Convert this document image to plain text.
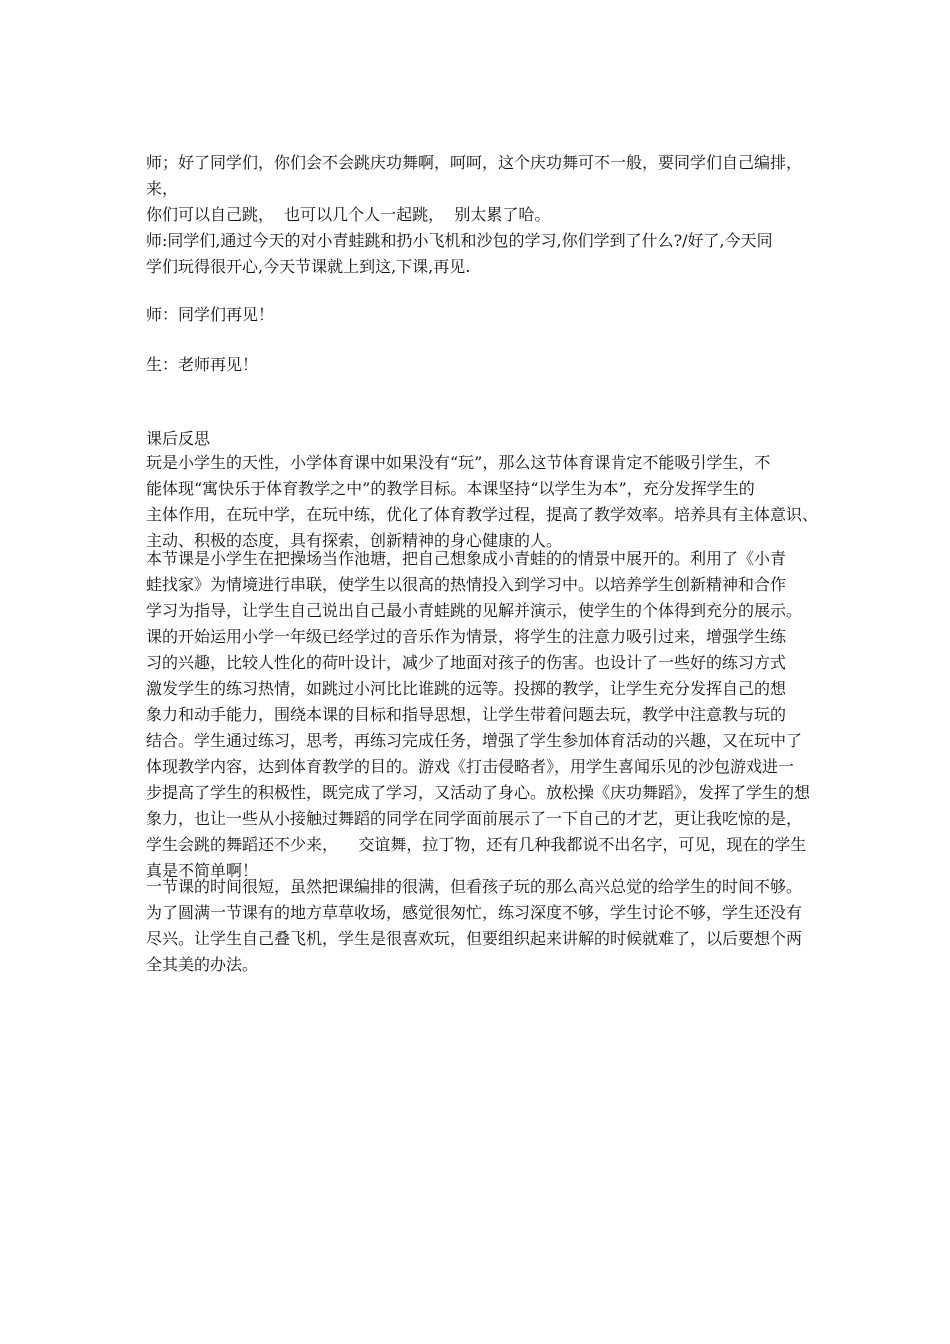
师；好了同学们，你们会不会跳庆功舞啊，呵呵，这个庆功舞可不一般，要同学们自己编排，来，
你们可以自己跳，  也可以几个人一起跳，  别太累了哈。

师:同学们,通过今天的对小青蛙跳和扔小飞机和沙包的学习,你们学到了什么?/好了,今天同
学们玩得很开心,今天节课就上到这,下课,再见.

师：同学们再见！

生：老师再见！

课后反思

玩是小学生的天性，小学体育课中如果没有“玩”，那么这节体育课肯定不能吸引学生，不
能体现“寓快乐于体育教学之中”的教学目标。本课坚持“以学生为本”，充分发挥学生的
主体作用，在玩中学，在玩中练，优化了体育教学过程，提高了教学效率。培养具有主体意识、
主动、积极的态度，具有探索，创新精神的身心健康的人。

本节课是小学生在把操场当作池塘，把自己想象成小青蛙的的情景中展开的。利用了《小青
蛙找家》为情境进行串联，使学生以很高的热情投入到学习中。以培养学生创新精神和合作
学习为指导，让学生自己说出自己最小青蛙跳的见解并演示，使学生的个体得到充分的展示。
课的开始运用小学一年级已经学过的音乐作为情景，将学生的注意力吸引过来，增强学生练
习的兴趣，比较人性化的荷叶设计，减少了地面对孩子的伤害。也设计了一些好的练习方式
激发学生的练习热情，如跳过小河比比谁跳的远等。投掷的教学，让学生充分发挥自己的想
象力和动手能力，围绕本课的目标和指导思想，让学生带着问题去玩，教学中注意教与玩的
结合。学生通过练习，思考，再练习完成任务，增强了学生参加体育活动的兴趣，又在玩中了
体现教学内容，达到体育教学的目的。游戏《打击侵略者》，用学生喜闻乐见的沙包游戏进一
步提高了学生的积极性，既完成了学习，又活动了身心。放松操《庆功舞蹈》，发挥了学生的想
象力，也让一些从小接触过舞蹈的同学在同学面前展示了一下自己的才艺，更让我吃惊的是，
学生会跳的舞蹈还不少来，    交谊舞，拉丁物，还有几种我都说不出名字，可见，现在的学生
真是不简单啊！

一节课的时间很短，虽然把课编排的很满，但看孩子玩的那么高兴总觉的给学生的时间不够。
为了圆满一节课有的地方草草收场，感觉很匆忙，练习深度不够，学生讨论不够，学生还没有
尽兴。让学生自己叠飞机，学生是很喜欢玩，但要组织起来讲解的时候就难了，以后要想个两
全其美的办法。
